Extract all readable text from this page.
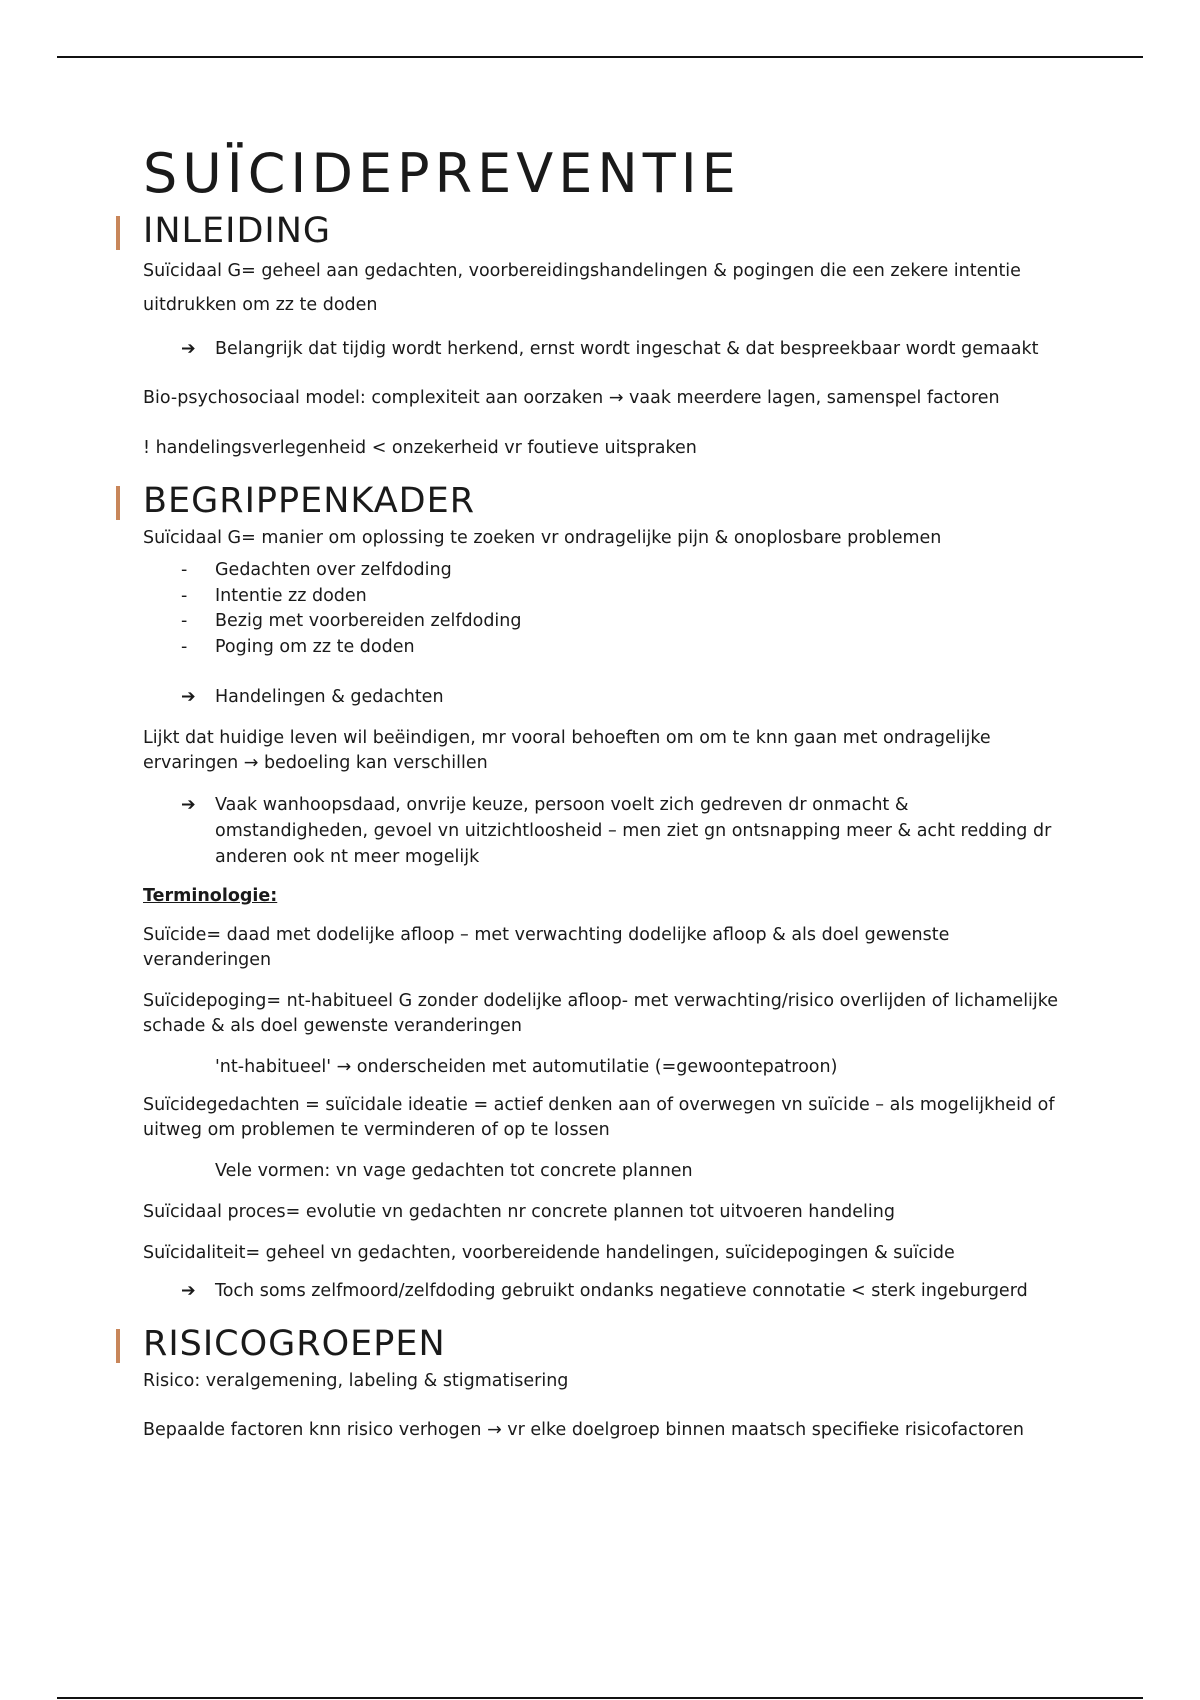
SUÏCIDEPREVENTIE
INLEIDING

Suïcidaal G= geheel aan gedachten, voorbereidingshandelingen & pogingen die een zekere intentie uitdrukken om zz te doden

➔ Belangrijk dat tijdig wordt herkend, ernst wordt ingeschat & dat bespreekbaar wordt gemaakt

Bio-psychosociaal model: complexiteit aan oorzaken → vaak meerdere lagen, samenspel factoren

! handelingsverlegenheid < onzekerheid vr foutieve uitspraken

BEGRIPPENKADER

Suïcidaal G= manier om oplossing te zoeken vr ondragelijke pijn & onoplosbare problemen

- Gedachten over zelfdoding
- Intentie zz doden
- Bezig met voorbereiden zelfdoding
- Poging om zz te doden
➔ Handelingen & gedachten

Lijkt dat huidige leven wil beëindigen, mr vooral behoeften om om te knn gaan met ondragelijke ervaringen → bedoeling kan verschillen

➔ Vaak wanhoopsdaad, onvrije keuze, persoon voelt zich gedreven dr onmacht & omstandigheden, gevoel vn uitzichtloosheid – men ziet gn ontsnapping meer & acht redding dr anderen ook nt meer mogelijk

Terminologie:

Suïcide= daad met dodelijke afloop – met verwachting dodelijke afloop & als doel gewenste veranderingen

Suïcidepoging= nt-habitueel G zonder dodelijke afloop- met verwachting/risico overlijden of lichamelijke schade & als doel gewenste veranderingen

'nt-habitueel' → onderscheiden met automutilatie (=gewoontepatroon)

Suïcidegedachten = suïcidale ideatie = actief denken aan of overwegen vn suïcide – als mogelijkheid of uitweg om problemen te verminderen of op te lossen

Vele vormen: vn vage gedachten tot concrete plannen

Suïcidaal proces= evolutie vn gedachten nr concrete plannen tot uitvoeren handeling

Suïcidaliteit= geheel vn gedachten, voorbereidende handelingen, suïcidepogingen & suïcide

➔ Toch soms zelfmoord/zelfdoding gebruikt ondanks negatieve connotatie < sterk ingeburgerd
RISICOGROEPEN

Risico: veralgemening, labeling & stigmatisering

Bepaalde factoren knn risico verhogen → vr elke doelgroep binnen maatsch specifieke risicofactoren
